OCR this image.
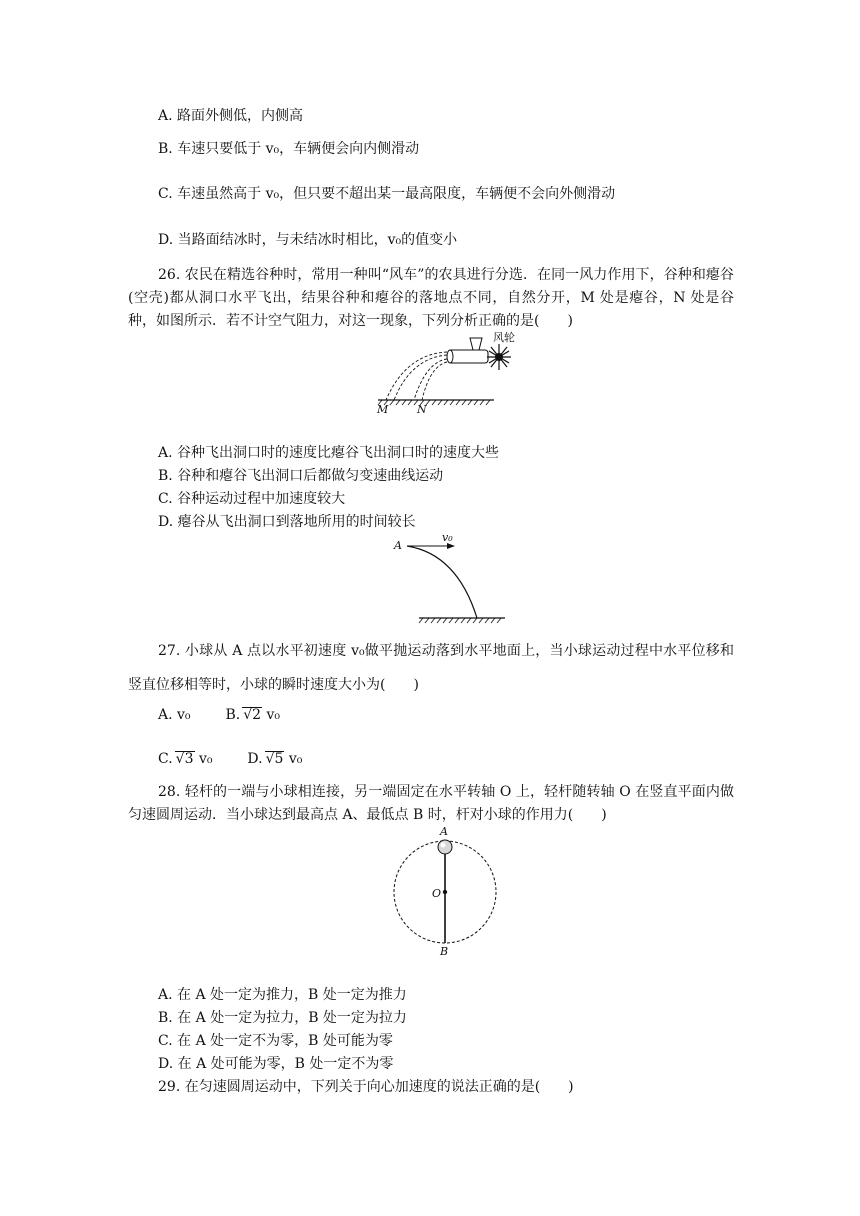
A. 路面外侧低，内侧高
B. 车速只要低于 v₀，车辆便会向内侧滑动
C. 车速虽然高于 v₀，但只要不超出某一最高限度，车辆便不会向外侧滑动
D. 当路面结冰时，与未结冰时相比，v₀的值变小
26. 农民在精选谷种时，常用一种叫“风车”的农具进行分选．在同一风力作用下，谷种和瘪谷(空壳)都从洞口水平飞出，结果谷种和瘪谷的落地点不同，自然分开，M 处是瘪谷，N 处是谷种，如图所示．若不计空气阻力，对这一现象，下列分析正确的是(　　)
风轮
M	N
A. 谷种飞出洞口时的速度比瘪谷飞出洞口时的速度大些
B. 谷种和瘪谷飞出洞口后都做匀变速曲线运动
C. 谷种运动过程中加速度较大
D. 瘪谷从飞出洞口到落地所用的时间较长
A
v₀
27. 小球从 A 点以水平初速度 v₀做平抛运动落到水平地面上，当小球运动过程中水平位移和竖直位移相等时，小球的瞬时速度大小为(　　)
A. v₀ B. √2 v₀
C. √3 v₀ D. √5 v₀
28. 轻杆的一端与小球相连接，另一端固定在水平转轴 O 上，轻杆随转轴 O 在竖直平面内做匀速圆周运动．当小球达到最高点 A、最低点 B 时，杆对小球的作用力(　　)
A
O
B
A. 在 A 处一定为推力，B 处一定为推力
B. 在 A 处一定为拉力，B 处一定为拉力
C. 在 A 处一定不为零，B 处可能为零
D. 在 A 处可能为零，B 处一定不为零
29. 在匀速圆周运动中，下列关于向心加速度的说法正确的是(　　)
